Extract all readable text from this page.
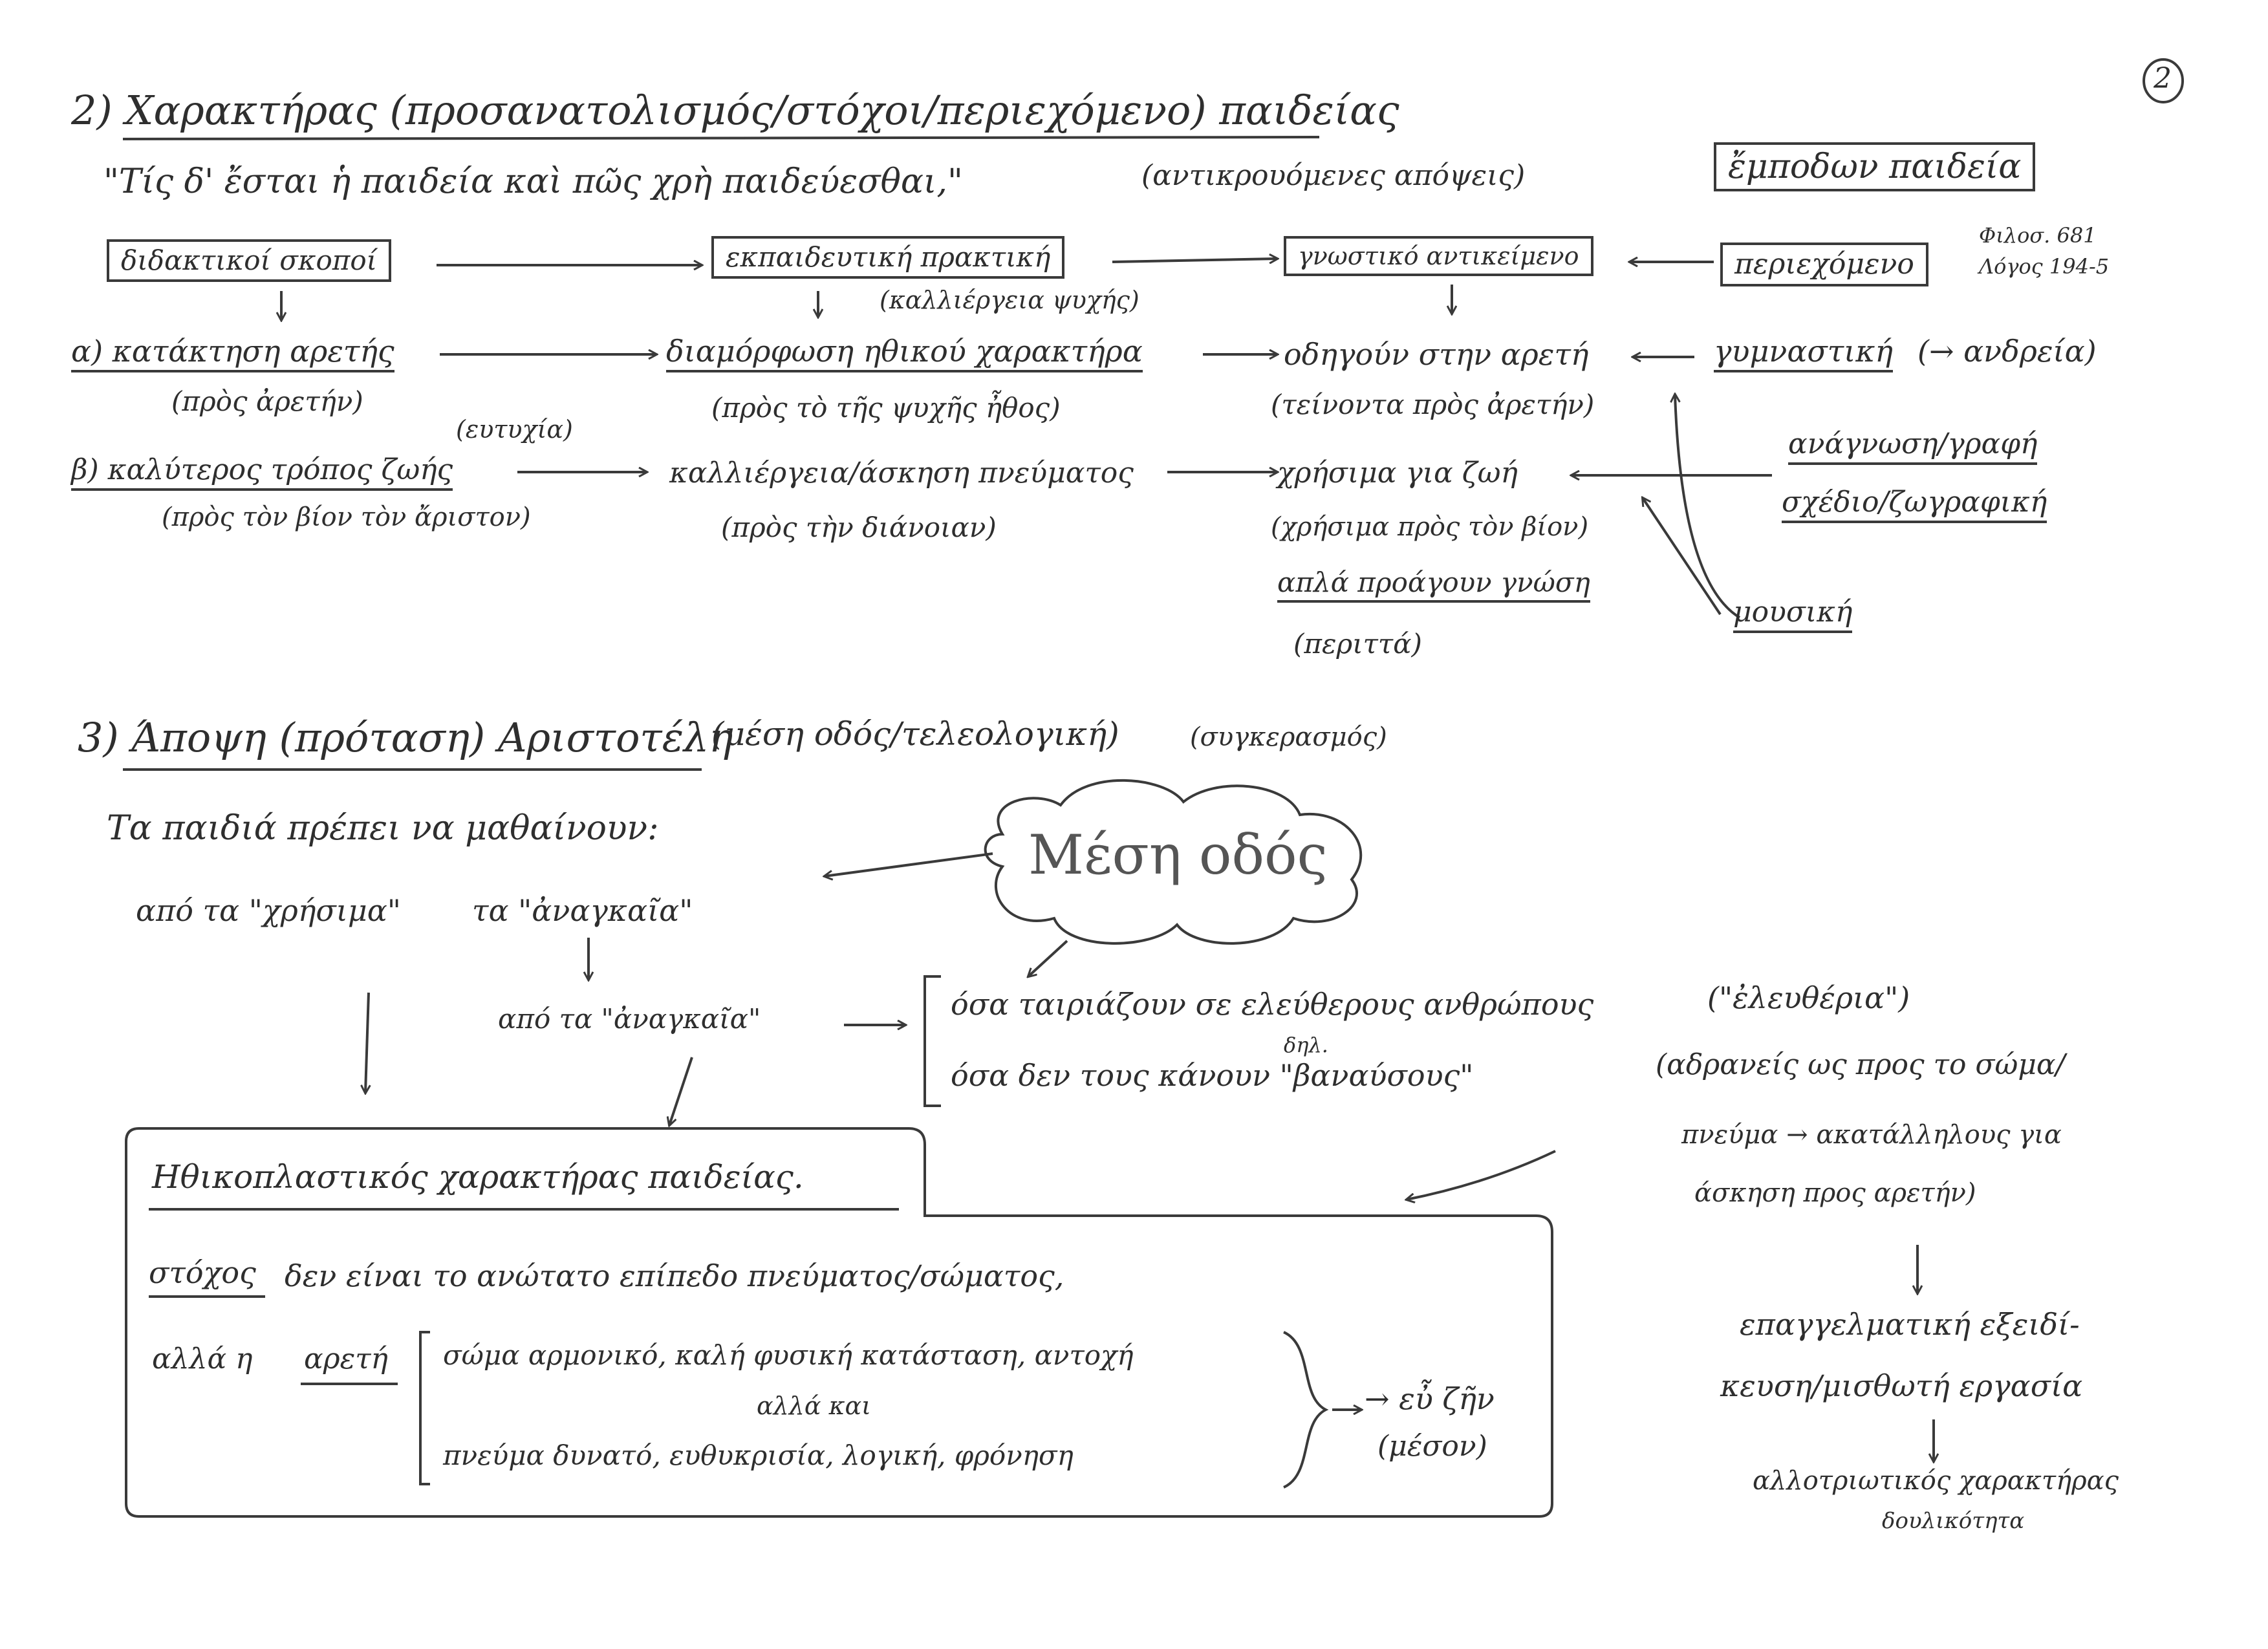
2
2) Χαρακτήρας (προσανατολισμός/στόχοι/περιεχόμενο) παιδείας
"Τίς δ' ἔσται ἡ παιδεία καὶ πῶς χρὴ παιδεύεσθαι,"	(αντικρουόμενες απόψεις)	ἔμποδων παιδεία
διδακτικοί σκοποί	εκπαιδευτική πρακτική
(καλλιέργεια ψυχής)
γνωστικό αντικείμενο	περιεχόμενο
Φιλοσ. 681
Λόγος 194-5
α) κατάκτηση αρετής
(πρὸς ἀρετήν)
διαμόρφωση ηθικού χαρακτήρα
(πρὸς τὸ τῆς ψυχῆς ἦθος)
οδηγούν στην αρετή
(τείνοντα πρὸς ἀρετήν)
γυμναστική (→ ανδρεία)
(ευτυχία)
β) καλύτερος τρόπος ζωής
(πρὸς τὸν βίον τὸν ἄριστον)
καλλιέργεια/άσκηση πνεύματος
(πρὸς τὴν διάνοιαν)
χρήσιμα για ζωή
(χρήσιμα πρὸς τὸν βίον)
ανάγνωση/γραφή
σχέδιο/ζωγραφική
μουσική
απλά προάγουν γνώση
(περιττά)
3) Άποψη (πρόταση) Αριστοτέλη
(μέση οδός/τελεολογική)	(συγκερασμός)
Μέση οδός
Τα παιδιά πρέπει να μαθαίνουν:
από τα "χρήσιμα" τα "ἀναγκαῖα"
από τα "ἀναγκαῖα"	όσα ταιριάζουν σε ελεύθερους ανθρώπους	("ἐλευθέρια")
δηλ.
όσα δεν τους κάνουν "βαναύσους"	(αδρανείς ως προς το σώμα/
πνεύμα → ακατάλληλους για
άσκηση προς αρετήν)
επαγγελματική εξειδί-
κευση/μισθωτή εργασία
αλλοτριωτικός χαρακτήρας
δουλικότητα
Ηθικοπλαστικός χαρακτήρας παιδείας.
στόχος δεν είναι το ανώτατο επίπεδο πνεύματος/σώματος,
αλλά η αρετή σώμα αρμονικό, καλή φυσική κατάσταση, αντοχή
αλλά και
πνεύμα δυνατό, ευθυκρισία, λογική, φρόνηση
→ εὖ ζῆν
(μέσον)
